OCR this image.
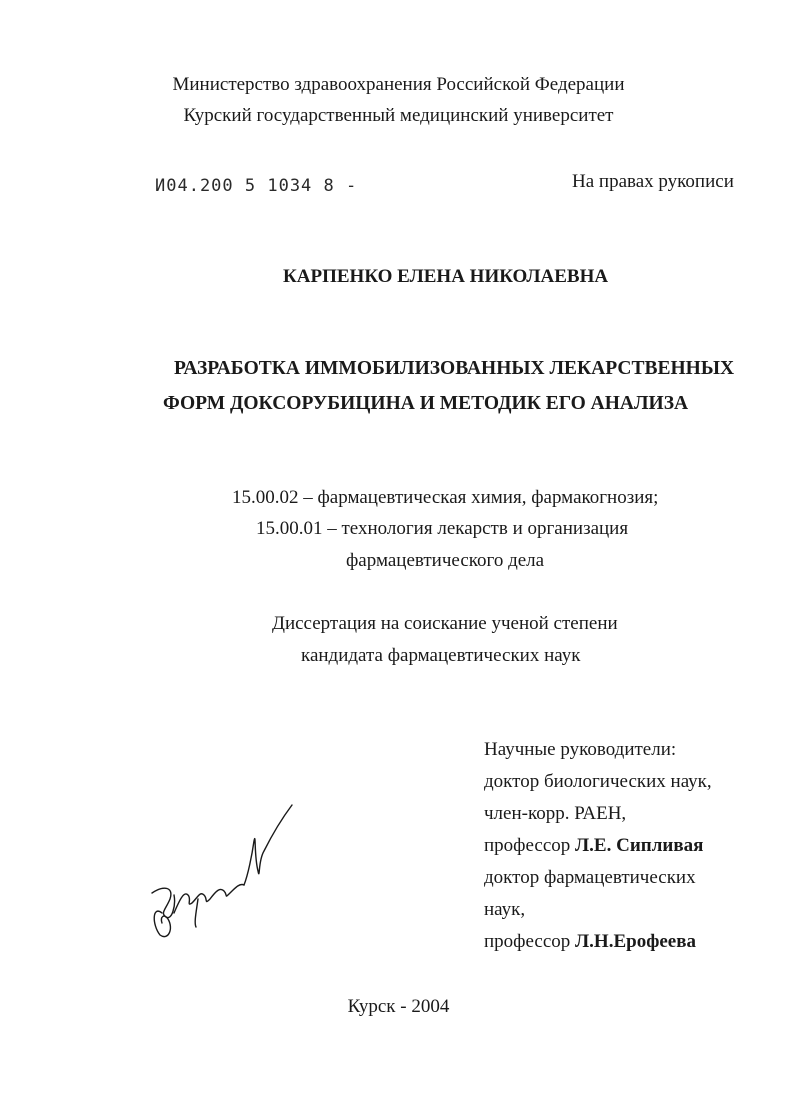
Министерство здравоохранения Российской Федерации
Курский государственный медицинский университет
И04.200 5 1034 8 -	На правах рукописи
КАРПЕНКО ЕЛЕНА НИКОЛАЕВНА
РАЗРАБОТКА ИММОБИЛИЗОВАННЫХ ЛЕКАРСТВЕННЫХ
ФОРМ ДОКСОРУБИЦИНА И МЕТОДИК ЕГО АНАЛИЗА
15.00.02 – фармацевтическая химия, фармакогнозия;
15.00.01 – технология лекарств и организация
фармацевтического дела
Диссертация на соискание ученой степени
кандидата фармацевтических наук
Научные руководители:
доктор биологических наук,
член-корр. РАЕН,
профессор Л.Е. Сипливая
доктор фармацевтических
наук,
профессор Л.Н.Ерофеева
Курск - 2004
